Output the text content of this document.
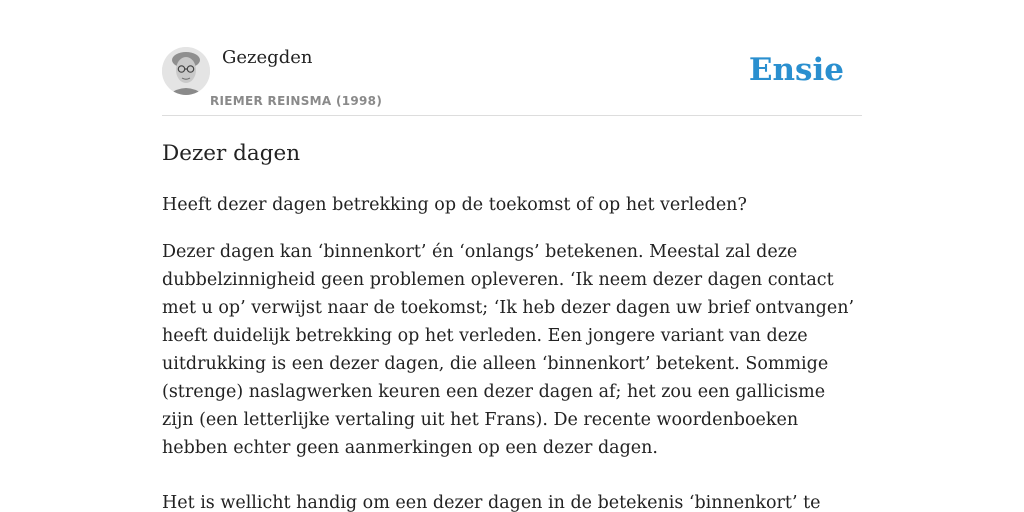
Gezegden
RIEMER REINSMA (1998)
Ensie
Dezer dagen

Heeft dezer dagen betrekking op de toekomst of op het verleden?

Dezer dagen kan ‘binnenkort’ én ‘onlangs’ betekenen. Meestal zal deze dubbelzinnigheid geen problemen opleveren. ‘Ik neem dezer dagen contact met u op’ verwijst naar de toekomst; ‘Ik heb dezer dagen uw brief ontvangen’ heeft duidelijk betrekking op het verleden. Een jongere variant van deze uitdrukking is een dezer dagen, die alleen ‘binnenkort’ betekent. Sommige (strenge) naslagwerken keuren een dezer dagen af; het zou een gallicisme zijn (een letterlijke vertaling uit het Frans). De recente woordenboeken hebben echter geen aanmerkingen op een dezer dagen.

Het is wellicht handig om een dezer dagen in de betekenis ‘binnenkort’ te
